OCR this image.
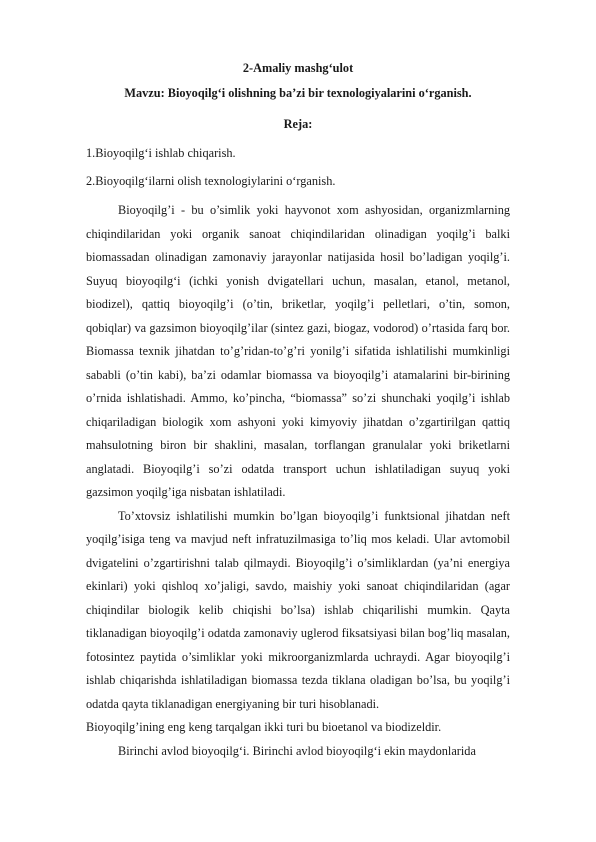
2-Amaliy mashg‘ulot

Mavzu: Bioyoqilg‘i olishning ba’zi bir texnologiyalarini o‘rganish.

Reja:

1.Bioyoqilg‘i ishlab chiqarish.
2.Bioyoqilg‘ilarni olish texnologiylarini o‘rganish.

Bioyoqilg’i - bu o’simlik yoki hayvonot xom ashyosidan, organizmlarning chiqindilaridan yoki organik sanoat chiqindilaridan olinadigan yoqilg’i balki biomassadan olinadigan zamonaviy jarayonlar natijasida hosil bo’ladigan yoqilg’i. Suyuq bioyoqilg‘i (ichki yonish dvigatellari uchun, masalan, etanol, metanol, biodizel), qattiq bioyoqilg’i (o’tin, briketlar, yoqilg’i pelletlari, o’tin, somon, qobiqlar) va gazsimon bioyoqilg’ilar (sintez gazi, biogaz, vodorod) o’rtasida farq bor. Biomassa texnik jihatdan to’g’ridan-to’g’ri yonilg’i sifatida ishlatilishi mumkinligi sababli (o’tin kabi), ba’zi odamlar biomassa va bioyoqilg’i atamalarini bir-birining o’rnida ishlatishadi. Ammo, ko’pincha, “biomassa” so’zi shunchaki yoqilg’i ishlab chiqariladigan biologik xom ashyoni yoki kimyoviy jihatdan o’zgartirilgan qattiq mahsulotning biron bir shaklini, masalan, torflangan granulalar yoki briketlarni anglatadi. Bioyoqilg’i so’zi odatda transport uchun ishlatiladigan suyuq yoki gazsimon yoqilg’iga nisbatan ishlatiladi.

To’xtovsiz ishlatilishi mumkin bo’lgan bioyoqilg’i funktsional jihatdan neft yoqilg’isiga teng va mavjud neft infratuzilmasiga to’liq mos keladi. Ular avtomobil dvigatelini o’zgartirishni talab qilmaydi. Bioyoqilg’i o’simliklardan (ya’ni energiya ekinlari) yoki qishloq xo’jaligi, savdo, maishiy yoki sanoat chiqindilaridan (agar chiqindilar biologik kelib chiqishi bo’lsa) ishlab chiqarilishi mumkin. Qayta tiklanadigan bioyoqilg’i odatda zamonaviy uglerod fiksatsiyasi bilan bog’liq masalan, fotosintez paytida o’simliklar yoki mikroorganizmlarda uchraydi. Agar bioyoqilg’i ishlab chiqarishda ishlatiladigan biomassa tezda tiklana oladigan bo’lsa, bu yoqilg’i odatda qayta tiklanadigan energiyaning bir turi hisoblanadi.

Bioyoqilg’ining eng keng tarqalgan ikki turi bu bioetanol va biodizeldir.

Birinchi avlod bioyoqilg‘i. Birinchi avlod bioyoqilg‘i ekin maydonlarida
